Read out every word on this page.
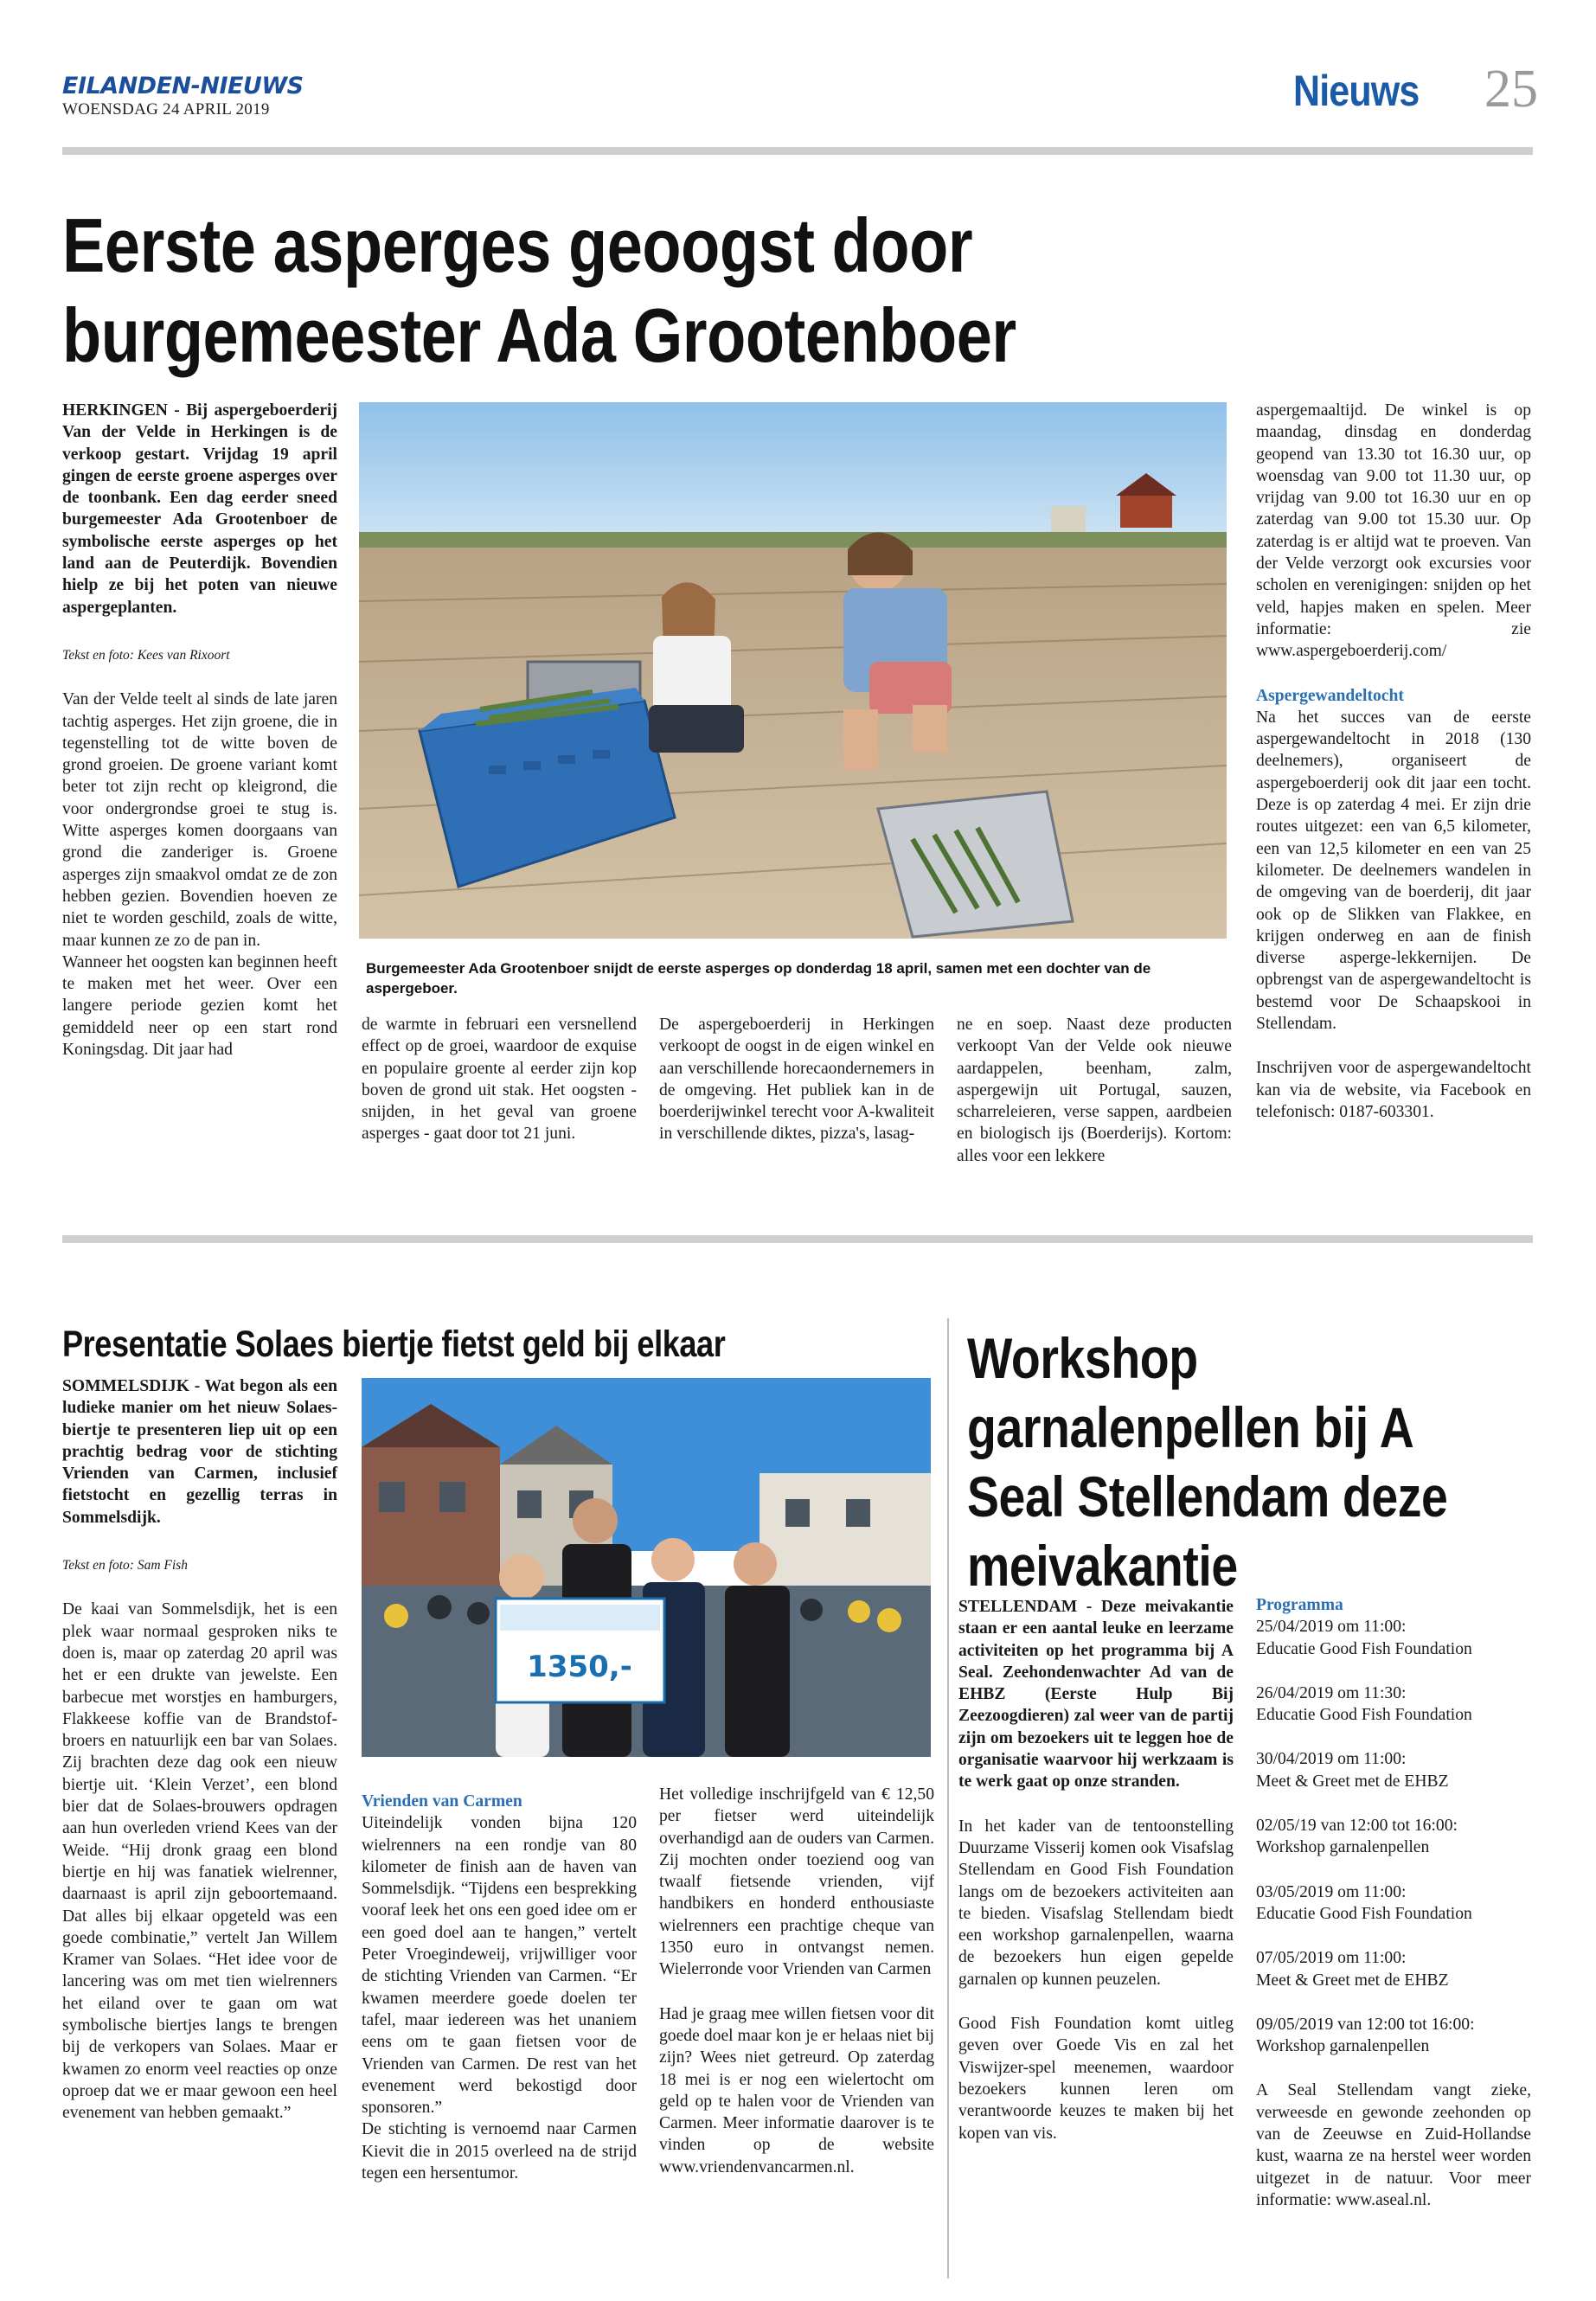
EILANDEN-NIEUWS
WOENSDAG 24 APRIL 2019	Nieuws 25
Eerste asperges geoogst door burgemeester Ada Grootenboer

HERKINGEN - Bij aspergeboerderij Van der Velde in Herkingen is de verkoop gestart. Vrijdag 19 april gingen de eerste groene asperges over de toonbank. Een dag eerder sneed burgemeester Ada Grootenboer de symbolische eerste asperges op het land aan de Peuterdijk. Bovendien hielp ze bij het poten van nieuwe aspergeplanten.

Tekst en foto: Kees van Rixoort

Van der Velde teelt al sinds de late jaren tachtig asperges. Het zijn groene, die in tegenstelling tot de witte boven de grond groeien. De groene variant komt beter tot zijn recht op kleigrond, die voor ondergrondse groei te stug is. Witte asperges komen doorgaans van grond die zanderiger is. Groene asperges zijn smaakvol omdat ze de zon hebben gezien. Bovendien hoeven ze niet te worden geschild, zoals de witte, maar kunnen ze zo de pan in.

Wanneer het oogsten kan beginnen heeft te maken met het weer. Over een langere periode gezien komt het gemiddeld neer op een start rond Koningsdag. Dit jaar had

Burgemeester Ada Grootenboer snijdt de eerste asperges op donderdag 18 april, samen met een dochter van de aspergeboer.

de warmte in februari een versnellend effect op de groei, waardoor de exquise en populaire groente al eerder zijn kop boven de grond uit stak. Het oogsten - snijden, in het geval van groene asperges - gaat door tot 21 juni.

De aspergeboerderij in Herkingen verkoopt de oogst in de eigen winkel en aan verschillende horecaondernemers in de omgeving. Het publiek kan in de boerderijwinkel terecht voor A-kwaliteit in verschillende diktes, pizza's, lasag-

ne en soep. Naast deze producten verkoopt Van der Velde ook nieuwe aardappelen, beenham, zalm, aspergewijn uit Portugal, sauzen, scharreleieren, verse sappen, aardbeien en biologisch ijs (Boerderijs). Kortom: alles voor een lekkere

aspergemaaltijd. De winkel is op maandag, dinsdag en donderdag geopend van 13.30 tot 16.30 uur, op woensdag van 9.00 tot 11.30 uur, op vrijdag van 9.00 tot 16.30 uur en op zaterdag van 9.00 tot 15.30 uur. Op zaterdag is er altijd wat te proeven. Van der Velde verzorgt ook excursies voor scholen en verenigingen: snijden op het veld, hapjes maken en spelen. Meer informatie: zie www.aspergeboerderij.com/

Aspergewandeltocht

Na het succes van de eerste aspergewandeltocht in 2018 (130 deelnemers), organiseert de aspergeboerderij ook dit jaar een tocht. Deze is op zaterdag 4 mei. Er zijn drie routes uitgezet: een van 6,5 kilometer, een van 12,5 kilometer en een van 25 kilometer. De deelnemers wandelen in de omgeving van de boerderij, dit jaar ook op de Slikken van Flakkee, en krijgen onderweg en aan de finish diverse asperge-lekkernijen. De opbrengst van de aspergewandeltocht is bestemd voor De Schaapskooi in Stellendam.

Inschrijven voor de aspergewandeltocht kan via de website, via Facebook en telefonisch: 0187-603301.

Presentatie Solaes biertje fietst geld bij elkaar

SOMMELSDIJK - Wat begon als een ludieke manier om het nieuw Solaes-biertje te presenteren liep uit op een prachtig bedrag voor de stichting Vrienden van Carmen, inclusief fietstocht en gezellig terras in Sommelsdijk.

Tekst en foto: Sam Fish

De kaai van Sommelsdijk, het is een plek waar normaal gesproken niks te doen is, maar op zaterdag 20 april was het er een drukte van jewelste. Een barbecue met worstjes en hamburgers, Flakkeese koffie van de Brandstof-broers en natuurlijk een bar van Solaes. Zij brachten deze dag ook een nieuw biertje uit. ‘Klein Verzet’, een blond bier dat de Solaes-brouwers opdragen aan hun overleden vriend Kees van der Weide. “Hij dronk graag een blond biertje en hij was fanatiek wielrenner, daarnaast is april zijn geboortemaand. Dat alles bij elkaar opgeteld was een goede combinatie,” vertelt Jan Willem Kramer van Solaes. “Het idee voor de lancering was om met tien wielrenners het eiland over te gaan om wat symbolische biertjes langs te brengen bij de verkopers van Solaes. Maar er kwamen zo enorm veel reacties op onze oproep dat we er maar gewoon een heel evenement van hebben gemaakt.”

1350,-

Vrienden van Carmen

Uiteindelijk vonden bijna 120 wielrenners na een rondje van 80 kilometer de finish aan de haven van Sommelsdijk. “Tijdens een besprekking vooraf leek het ons een goed idee om er een goed doel aan te hangen,” vertelt Peter Vroegindeweij, vrijwilliger voor de stichting Vrienden van Carmen. “Er kwamen meerdere goede doelen ter tafel, maar iedereen was het unaniem eens om te gaan fietsen voor de Vrienden van Carmen. De rest van het evenement werd bekostigd door sponsoren.”

De stichting is vernoemd naar Carmen Kievit die in 2015 overleed na de strijd tegen een hersentumor.

Het volledige inschrijfgeld van € 12,50 per fietser werd uiteindelijk overhandigd aan de ouders van Carmen. Zij mochten onder toeziend oog van twaalf fietsende vrienden, vijf handbikers en honderd enthousiaste wielrenners een prachtige cheque van 1350 euro in ontvangst nemen. Wielerronde voor Vrienden van Carmen

Had je graag mee willen fietsen voor dit goede doel maar kon je er helaas niet bij zijn? Wees niet getreurd. Op zaterdag 18 mei is er nog een wielertocht om geld op te halen voor de Vrienden van Carmen. Meer informatie daarover is te vinden op de website www.vriendenvancarmen.nl.

Workshop garnalenpellen bij A Seal Stellendam deze meivakantie

STELLENDAM - Deze meivakantie staan er een aantal leuke en leerzame activiteiten op het programma bij A Seal. Zeehondenwachter Ad van de EHBZ (Eerste Hulp Bij Zeezoogdieren) zal weer van de partij zijn om bezoekers uit te leggen hoe de organisatie waarvoor hij werkzaam is te werk gaat op onze stranden.

In het kader van de tentoonstelling Duurzame Visserij komen ook Visafslag Stellendam en Good Fish Foundation langs om de bezoekers activiteiten aan te bieden. Visafslag Stellendam biedt een workshop garnalenpellen, waarna de bezoekers hun eigen gepelde garnalen op kunnen peuzelen.

Good Fish Foundation komt uitleg geven over Goede Vis en zal het Viswijzer-spel meenemen, waardoor bezoekers kunnen leren om verantwoorde keuzes te maken bij het kopen van vis.

Programma

25/04/2019 om 11:00:

Educatie Good Fish Foundation

26/04/2019 om 11:30:

Educatie Good Fish Foundation

30/04/2019 om 11:00:

Meet & Greet met de EHBZ

02/05/19 van 12:00 tot 16:00:

Workshop garnalenpellen

03/05/2019 om 11:00:

Educatie Good Fish Foundation

07/05/2019 om 11:00:

Meet & Greet met de EHBZ

09/05/2019 van 12:00 tot 16:00:

Workshop garnalenpellen

A Seal Stellendam vangt zieke, verweesde en gewonde zeehonden op van de Zeeuwse en Zuid-Hollandse kust, waarna ze na herstel weer worden uitgezet in de natuur. Voor meer informatie: www.aseal.nl.
